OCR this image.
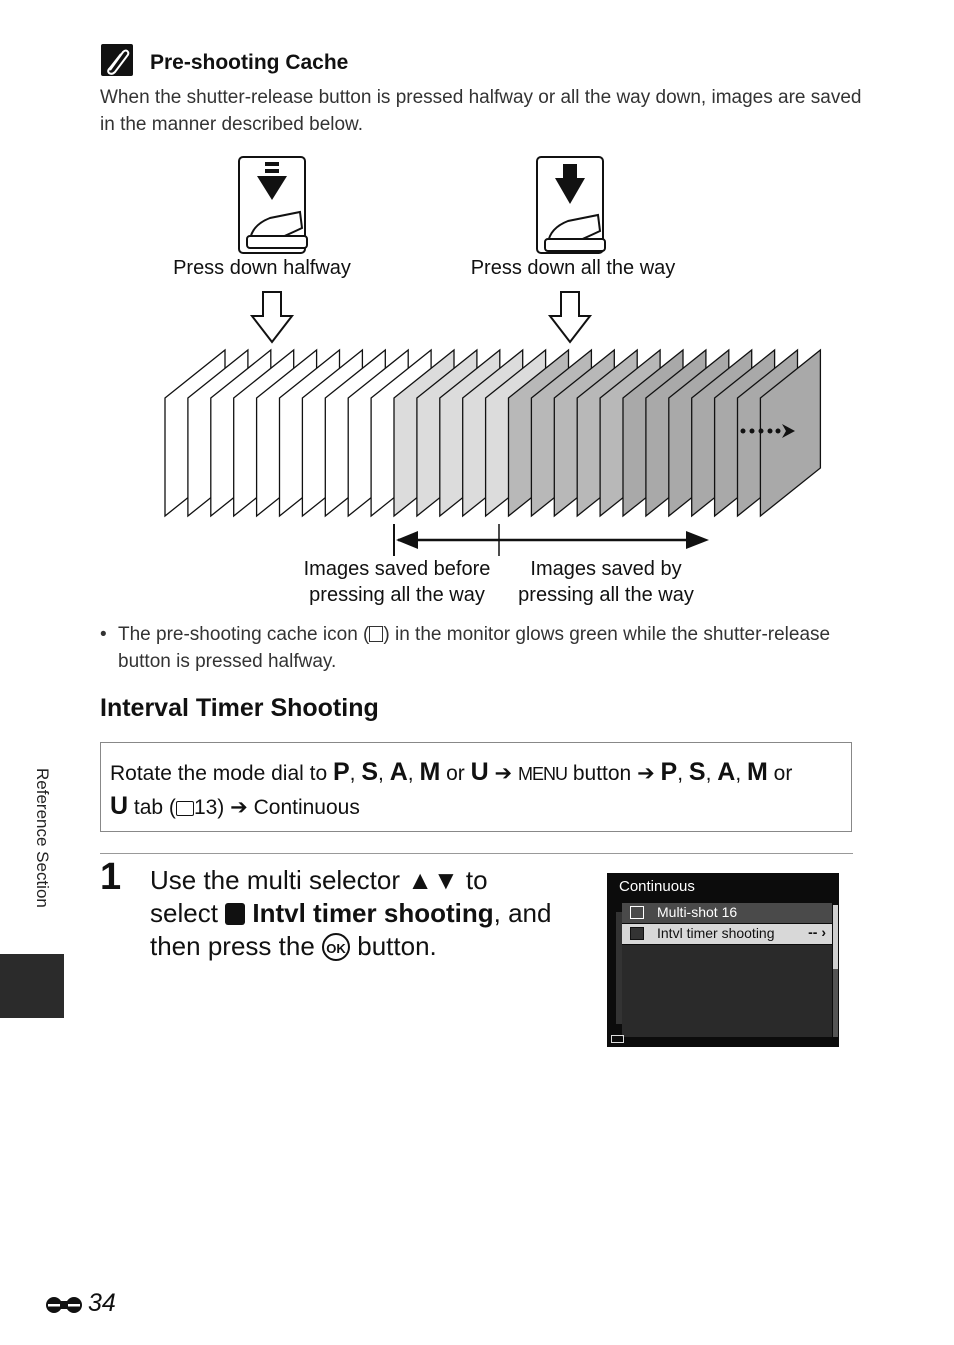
Pre-shooting Cache
When the shutter-release button is pressed halfway or all the way down, images are saved in the manner described below.
Press down halfway	Press down all the way
Images saved before
pressing all the way
Images saved by
pressing all the way
• The pre-shooting cache icon ( ) in the monitor glows green while the shutter-release button is pressed halfway.
Interval Timer Shooting
Rotate the mode dial to P, S, A, M or U ➔ MENU button ➔ P, S, A, M or
U tab ( 13) ➔ Continuous
1 Use the multi selector ▲▼ to
select  Intvl timer shooting, and
then press the OK button.
Continuous
Multi-shot 16
Intvl timer shooting -- ›
Reference Section
34
